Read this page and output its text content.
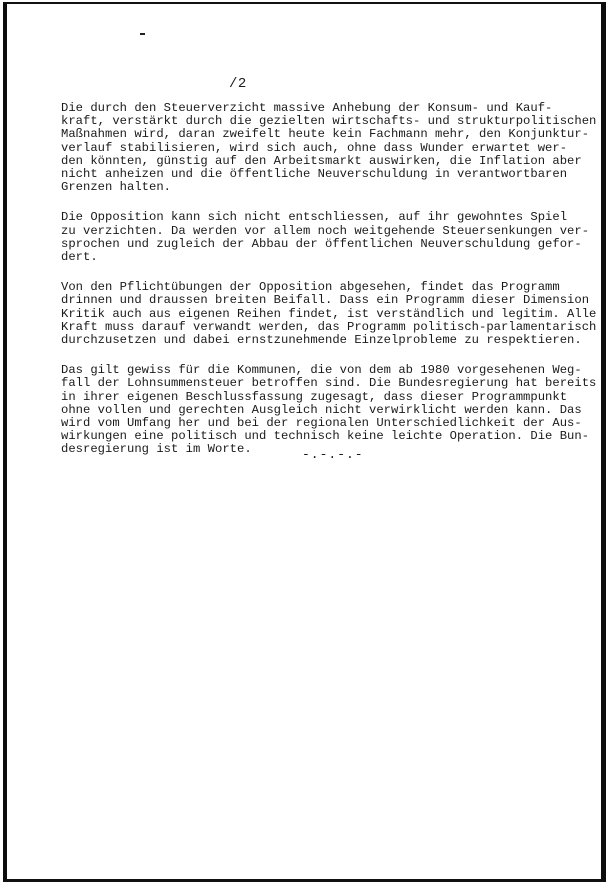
/2
Die durch den Steuerverzicht massive Anhebung der Konsum- und Kauf-
kraft, verstärkt durch die gezielten wirtschafts- und strukturpolitischen
Maßnahmen wird, daran zweifelt heute kein Fachmann mehr, den Konjunktur-
verlauf stabilisieren, wird sich auch, ohne dass Wunder erwartet wer-
den könnten, günstig auf den Arbeitsmarkt auswirken, die Inflation aber
nicht anheizen und die öffentliche Neuverschuldung in verantwortbaren
Grenzen halten.
Die Opposition kann sich nicht entschliessen, auf ihr gewohntes Spiel
zu verzichten. Da werden vor allem noch weitgehende Steuersenkungen ver-
sprochen und zugleich der Abbau der öffentlichen Neuverschuldung gefor-
dert.
Von den Pflichtübungen der Opposition abgesehen, findet das Programm
drinnen und draussen breiten Beifall. Dass ein Programm dieser Dimension
Kritik auch aus eigenen Reihen findet, ist verständlich und legitim. Alle
Kraft muss darauf verwandt werden, das Programm politisch-parlamentarisch
durchzusetzen und dabei ernstzunehmende Einzelprobleme zu respektieren.
Das gilt gewiss für die Kommunen, die von dem ab 1980 vorgesehenen Weg-
fall der Lohnsummensteuer betroffen sind. Die Bundesregierung hat bereits
in ihrer eigenen Beschlussfassung zugesagt, dass dieser Programmpunkt
ohne vollen und gerechten Ausgleich nicht verwirklicht werden kann. Das
wird vom Umfang her und bei der regionalen Unterschiedlichkeit der Aus-
wirkungen eine politisch und technisch keine leichte Operation. Die Bun-
desregierung ist im Worte.	-.-.-.-
